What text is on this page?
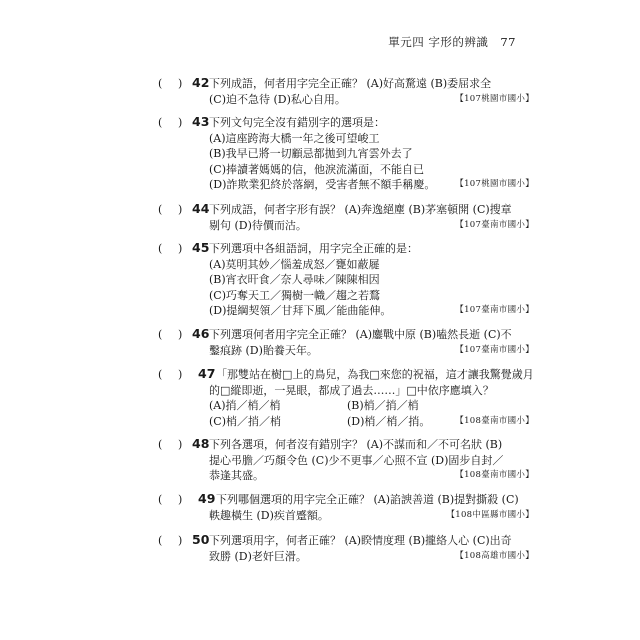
單元四 字形的辨識 77
( ) 42 下列成語，何者用字完全正確？ (A)好高騖遠 (B)委屈求全
(C)迫不急待 (D)私心自用。	【107桃園市國小】
( ) 43 下列文句完全沒有錯別字的選項是：
(A)這座跨海大橋一年之後可望峻工
(B)我早已將一切顧忌都拋到九宵雲外去了
(C)捧讀著媽媽的信，他淚流滿面，不能自已
(D)詐欺業犯終於落網，受害者無不額手稱慶。 【107桃園市國小】
( ) 44 下列成語，何者字形有誤？ (A)奔逸絕塵 (B)茅塞頓開 (C)搜章
剔句 (D)待價而沽。	【107臺南市國小】
( ) 45 下列選項中各組語詞，用字完全正確的是：
(A)莫明其妙／惱羞成怒／甕如蔽屣
(B)宵衣旰食／奈人尋味／陳陳相因
(C)巧奪天工／獨樹一幟／趨之若鶩
(D)提綱契領／甘拜下風／能曲能伸。	【107臺南市國小】
( ) 46 下列選項何者用字完全正確？ (A)鏖戰中原 (B)嗑然長逝 (C)不
鑿痕跡 (D)貽養天年。	【107臺南市國小】
( ) 47 「那雙站在樹□上的鳥兒，為我□來您的祝福，這才讓我驚覺歲月
的□縱即逝，一晃眼，都成了過去……」□中依序應填入？
(A)捎／梢／梢	(B)梢／捎／梢
(C)梢／捎／梢	(D)梢／梢／捎。	【108臺南市國小】
( ) 48 下列各選項，何者沒有錯別字？ (A)不謀而和／不可名狀 (B)
提心弔膽／巧顏令色 (C)少不更事／心照不宣 (D)固步自封／
恭逢其盛。	【108臺南市國小】
( ) 49 下列哪個選項的用字完全正確？ (A)諂諛善道 (B)提對撕殺 (C)
軼趣橫生 (D)疾首蹙額。	【108中區縣市國小】
( ) 50 下列選項用字，何者正確？ (A)睽情度理 (B)攏絡人心 (C)出奇
致勝 (D)老奸巨滑。	【108高雄市國小】
